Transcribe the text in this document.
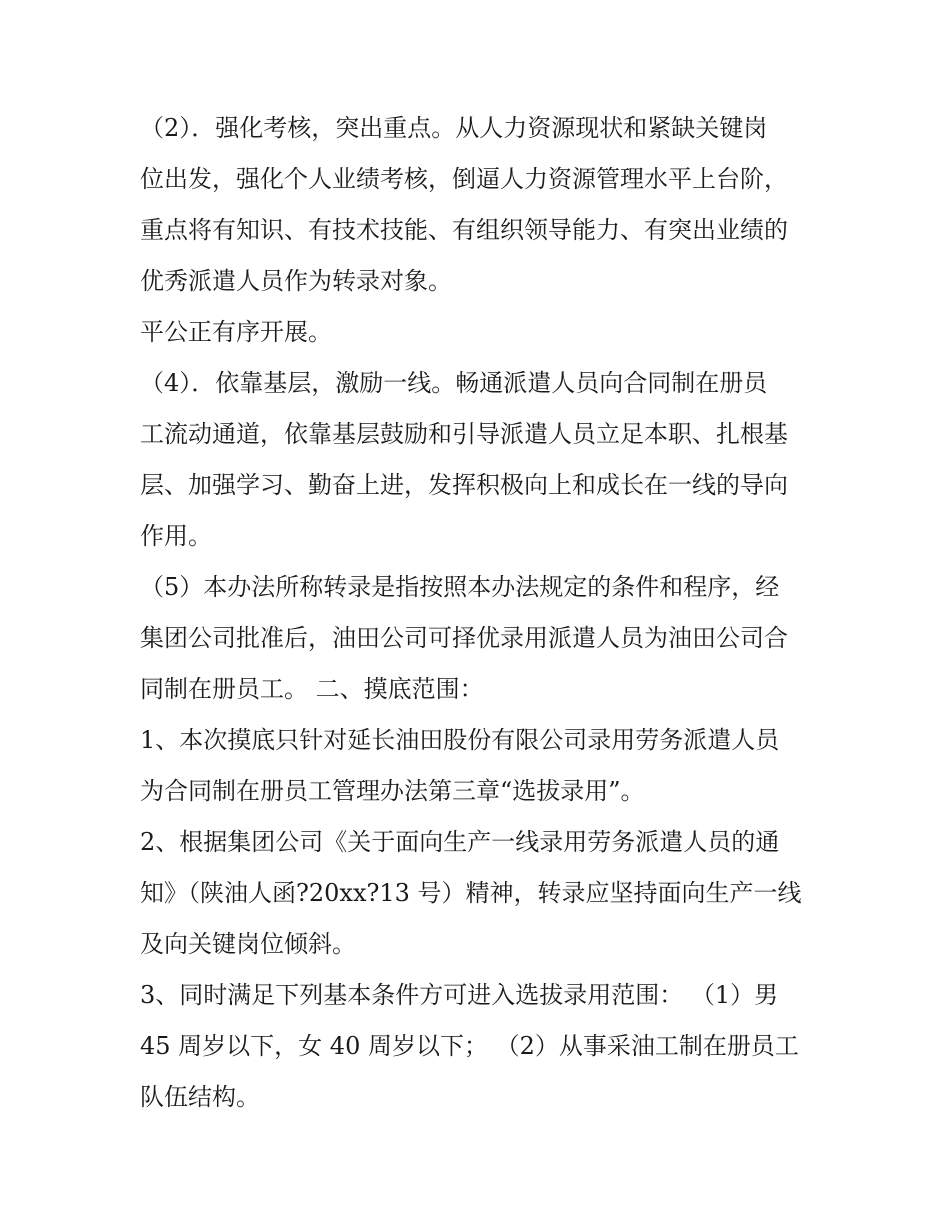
（2）．强化考核，突出重点。从人力资源现状和紧缺关键岗
位出发，强化个人业绩考核，倒逼人力资源管理水平上台阶，
重点将有知识、有技术技能、有组织领导能力、有突出业绩的
优秀派遣人员作为转录对象。
平公正有序开展。
（4）．依靠基层，激励一线。畅通派遣人员向合同制在册员
工流动通道，依靠基层鼓励和引导派遣人员立足本职、扎根基
层、加强学习、勤奋上进，发挥积极向上和成长在一线的导向
作用。
（5）本办法所称转录是指按照本办法规定的条件和程序，经
集团公司批准后，油田公司可择优录用派遣人员为油田公司合
同制在册员工。 二、摸底范围：
1、本次摸底只针对延长油田股份有限公司录用劳务派遣人员
为合同制在册员工管理办法第三章“选拔录用”。
2、根据集团公司《关于面向生产一线录用劳务派遣人员的通
知》（陕油人函?20xx?13 号）精神，转录应坚持面向生产一线
及向关键岗位倾斜。
3、同时满足下列基本条件方可进入选拔录用范围： （1）男
45 周岁以下，女 40 周岁以下； （2）从事采油工制在册员工
队伍结构。
